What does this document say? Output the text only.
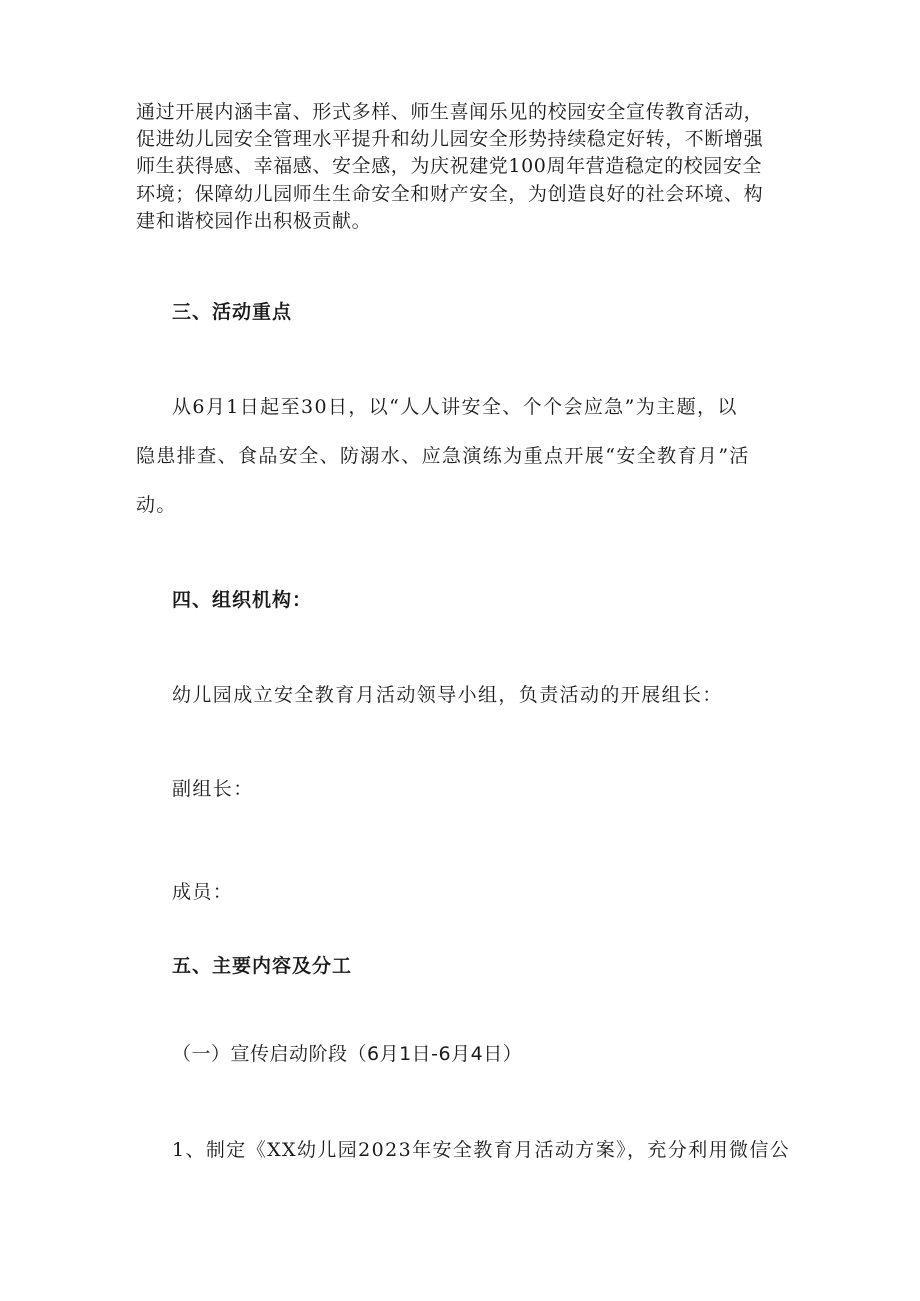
通过开展内涵丰富、形式多样、师生喜闻乐见的校园安全宣传教育活动，
促进幼儿园安全管理水平提升和幼儿园安全形势持续稳定好转，不断增强
师生获得感、幸福感、安全感，为庆祝建党100周年营造稳定的校园安全
环境；保障幼儿园师生生命安全和财产安全，为创造良好的社会环境、构
建和谐校园作出积极贡献。
三、活动重点
从6月1日起至30日，以“人人讲安全、个个会应急”为主题，以
隐患排查、食品安全、防溺水、应急演练为重点开展“安全教育月”活
动。
四、组织机构：
幼儿园成立安全教育月活动领导小组，负责活动的开展组长：
副组长：
成员：
五、主要内容及分工
（一）宣传启动阶段（6月1日-6月4日）
1、制定《XX幼儿园2023年安全教育月活动方案》，充分利用微信公
